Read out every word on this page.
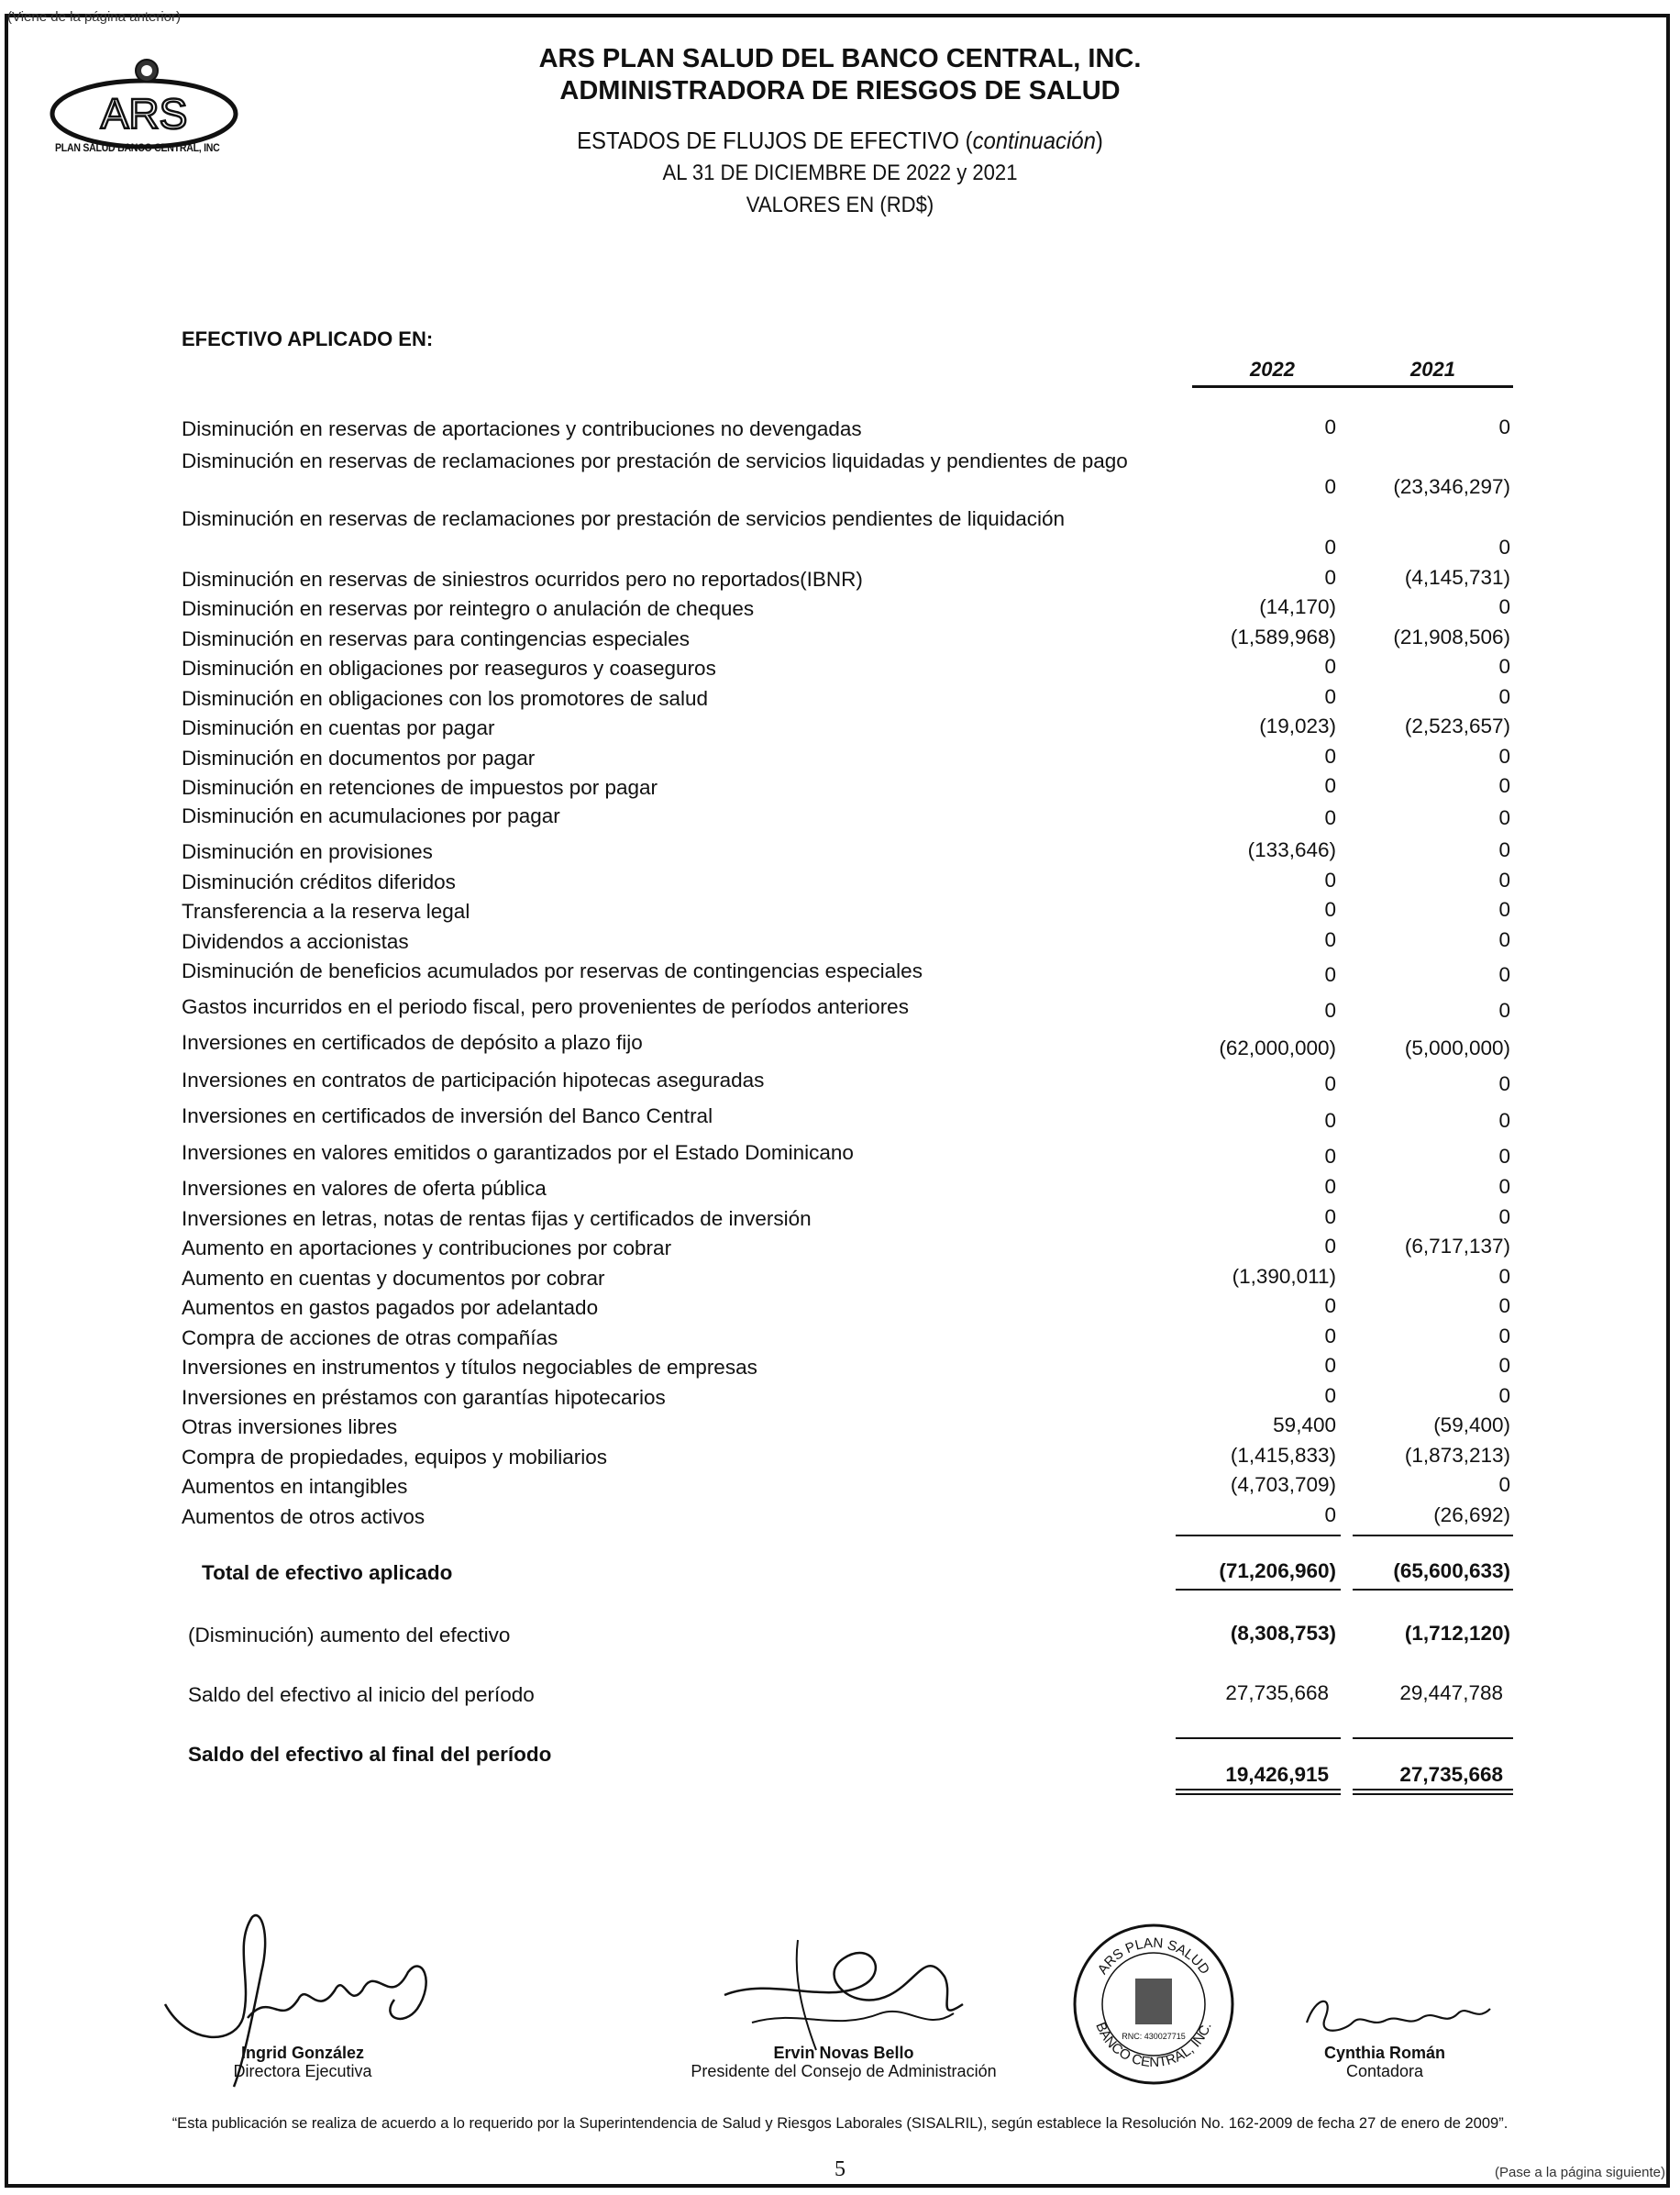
(Viene de la página anterior)
ARS
PLAN SALUD BANCO CENTRAL, INC
ARS PLAN SALUD DEL BANCO CENTRAL, INC.
ADMINISTRADORA DE RIESGOS DE SALUD
ESTADOS DE FLUJOS DE EFECTIVO (continuación)
AL 31 DE DICIEMBRE DE 2022 y 2021
VALORES EN (RD$)
EFECTIVO APLICADO EN:
2022	2021
Disminución en reservas de aportaciones y contribuciones no devengadas	0	0
Disminución en reservas de reclamaciones por prestación de servicios liquidadas y pendientes de pago
0	(23,346,297)
Disminución en reservas de reclamaciones por prestación de servicios pendientes de liquidación
0	0
Disminución en reservas de siniestros ocurridos pero no reportados(IBNR)	0	(4,145,731)
Disminución en reservas por reintegro o anulación de cheques	(14,170)	0
Disminución en reservas para contingencias especiales	(1,589,968)	(21,908,506)
Disminución en obligaciones por reaseguros y coaseguros	0	0
Disminución en obligaciones con los promotores de salud	0	0
Disminución en cuentas por pagar	(19,023)	(2,523,657)
Disminución en documentos por pagar	0	0
Disminución en retenciones de impuestos por pagar	0	0
Disminución en acumulaciones por pagar	0	0
Disminución en provisiones	(133,646)	0
Disminución créditos diferidos	0	0
Transferencia a la reserva legal	0	0
Dividendos a accionistas	0	0
Disminución de beneficios acumulados por reservas de contingencias especiales	0	0
Gastos incurridos en el periodo fiscal, pero provenientes de períodos anteriores	0	0
Inversiones en certificados de depósito a plazo fijo	(62,000,000)	(5,000,000)
Inversiones en contratos de participación hipotecas aseguradas	0	0
Inversiones en certificados de inversión del Banco Central	0	0
Inversiones en valores emitidos o garantizados por el Estado Dominicano	0	0
Inversiones en valores de oferta pública	0	0
Inversiones en letras, notas de rentas fijas y certificados de inversión	0	0
Aumento en aportaciones y contribuciones por cobrar	0	(6,717,137)
Aumento en cuentas y documentos por cobrar	(1,390,011)	0
Aumentos en gastos pagados por adelantado	0	0
Compra de acciones de otras compañías	0	0
Inversiones en instrumentos y títulos negociables de empresas	0	0
Inversiones en préstamos con garantías hipotecarios	0	0
Otras inversiones libres	59,400	(59,400)
Compra de propiedades, equipos y mobiliarios	(1,415,833)	(1,873,213)
Aumentos en intangibles	(4,703,709)	0
Aumentos de otros activos	0	(26,692)
Total de efectivo aplicado	(71,206,960)	(65,600,633)
(Disminución) aumento del efectivo	(8,308,753)	(1,712,120)
Saldo del efectivo al inicio del período	27,735,668	29,447,788
Saldo del efectivo al final del período
19,426,915	27,735,668
Ingrid González
Directora Ejecutiva
Ervin Novas Bello
Presidente del Consejo de Administración
ARS PLAN SALUD
BANCO CENTRAL, INC.
RNC: 430027715
Cynthia Román
Contadora
“Esta publicación se realiza de acuerdo a lo requerido por la Superintendencia de Salud y Riesgos Laborales (SISALRIL), según establece la Resolución No. 162-2009 de fecha 27 de enero de 2009”.
5	(Pase a la página siguiente)
